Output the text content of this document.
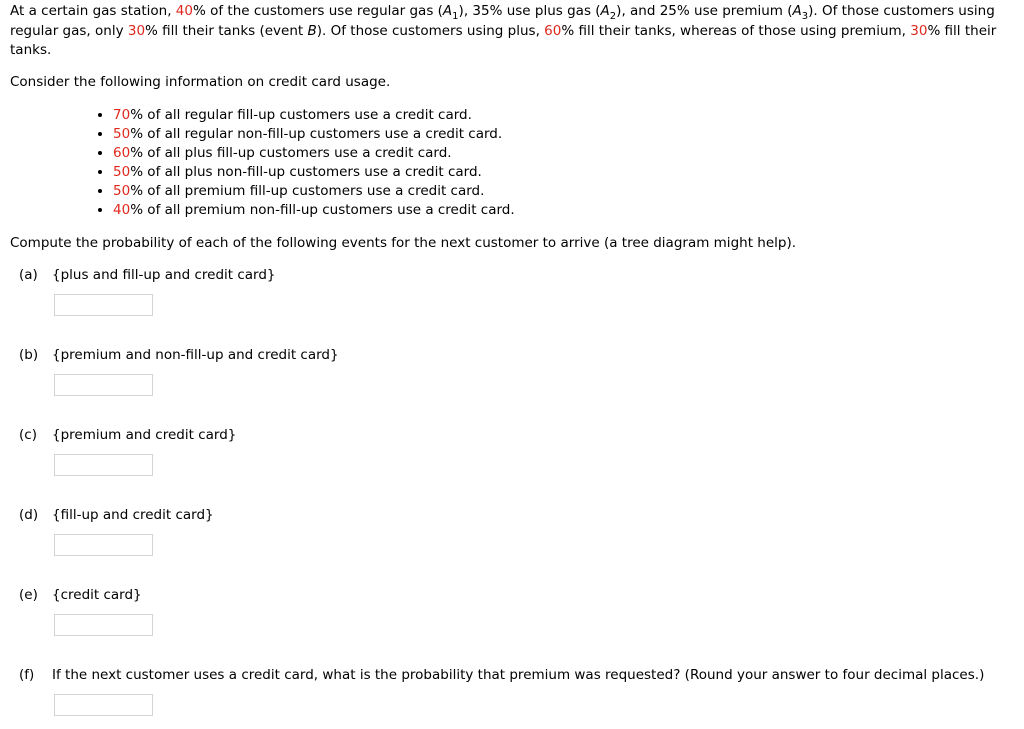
At a certain gas station, 40% of the customers use regular gas $(A_1)$, 35% use plus gas $(A_2)$, and 25% use premium $(A_3)$. Of those customers using regular gas, only 30% fill their tanks (event B). Of those customers using plus, 60% fill their tanks, whereas of those using premium, 30% fill their tanks.
Consider the following information on credit card usage.
• 70% of all regular fill-up customers use a credit card.
• 50% of all regular non-fill-up customers use a credit card.
• 60% of all plus fill-up customers use a credit card.
• 50% of all plus non-fill-up customers use a credit card.
• 50% of all premium fill-up customers use a credit card.
• 40% of all premium non-fill-up customers use a credit card.
Compute the probability of each of the following events for the next customer to arrive (a tree diagram might help).
(a) {plus and fill-up and credit card}
(b) {premium and non-fill-up and credit card}
(c) {premium and credit card}
(d) {fill-up and credit card}
(e) {credit card}
(f) If the next customer uses a credit card, what is the probability that premium was requested? (Round your answer to four decimal places.)
